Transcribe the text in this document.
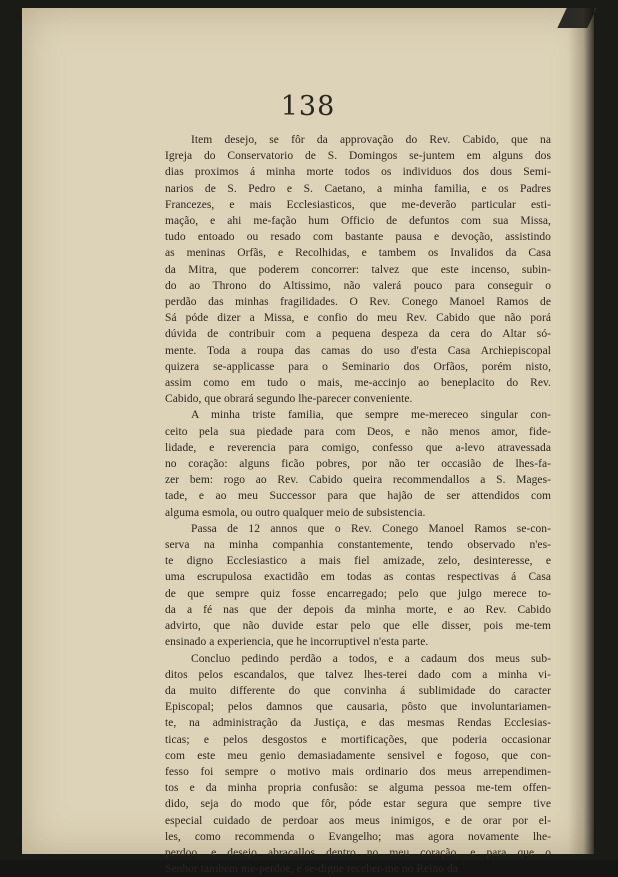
138
Item desejo, se fôr da approvação do Rev. Cabido, que na
Igreja do Conservatorio de S. Domingos se-juntem em alguns dos
dias proximos á minha morte todos os individuos dos dous Semi-
narios de S. Pedro e S. Caetano, a minha familia, e os Padres
Francezes, e mais Ecclesiasticos, que me-deverão particular esti-
mação, e ahi me-fação hum Officio de defuntos com sua Missa,
tudo entoado ou resado com bastante pausa e devoção, assistindo
as meninas Orfãs, e Recolhidas, e tambem os Invalidos da Casa
da Mitra, que poderem concorrer: talvez que este incenso, subin-
do ao Throno do Altissimo, não valerá pouco para conseguir o
perdão das minhas fragilidades. O Rev. Conego Manoel Ramos de
Sá póde dizer a Missa, e confio do meu Rev. Cabido que não porá
dúvida de contribuir com a pequena despeza da cera do Altar só-
mente. Toda a roupa das camas do uso d'esta Casa Archiepiscopal
quizera se-applicasse para o Seminario dos Orfãos, porém nisto,
assim como em tudo o mais, me-accinjo ao beneplacito do Rev.
Cabido, que obrará segundo lhe-parecer conveniente.
A minha triste familia, que sempre me-mereceo singular con-
ceito pela sua piedade para com Deos, e não menos amor, fide-
lidade, e reverencia para comigo, confesso que a-levo atravessada
no coração: alguns ficão pobres, por não ter occasião de lhes-fa-
zer bem: rogo ao Rev. Cabido queira recommendallos a S. Mages-
tade, e ao meu Successor para que hajão de ser attendidos com
alguma esmola, ou outro qualquer meio de subsistencia.
Passa de 12 annos que o Rev. Conego Manoel Ramos se-con-
serva na minha companhia constantemente, tendo observado n'es-
te digno Ecclesiastico a mais fiel amizade, zelo, desinteresse, e
uma escrupulosa exactidão em todas as contas respectivas á Casa
de que sempre quiz fosse encarregado; pelo que julgo merece to-
da a fé nas que der depois da minha morte, e ao Rev. Cabido
advirto, que não duvide estar pelo que elle disser, pois me-tem
ensinado a experiencia, que he incorruptivel n'esta parte.
Concluo pedindo perdão a todos, e a cadaum dos meus sub-
ditos pelos escandalos, que talvez lhes-terei dado com a minha vi-
da muito differente do que convinha á sublimidade do caracter
Episcopal; pelos damnos que causaria, pôsto que involuntariamen-
te, na administração da Justiça, e das mesmas Rendas Ecclesias-
ticas; e pelos desgostos e mortificações, que poderia occasionar
com este meu genio demasiadamente sensivel e fogoso, que con-
fesso foi sempre o motivo mais ordinario dos meus arrependimen-
tos e da minha propria confusão: se alguma pessoa me-tem offen-
dido, seja do modo que fôr, póde estar segura que sempre tive
especial cuidado de perdoar aos meus inimigos, e de orar por el-
les, como recommenda o Evangelho; mas agora novamente lhe-
perdoo, e desejo abracallos dentro no meu coração, e para que o
Senhor tambem me-perdoe, e se-digne receber-me no Reino da
